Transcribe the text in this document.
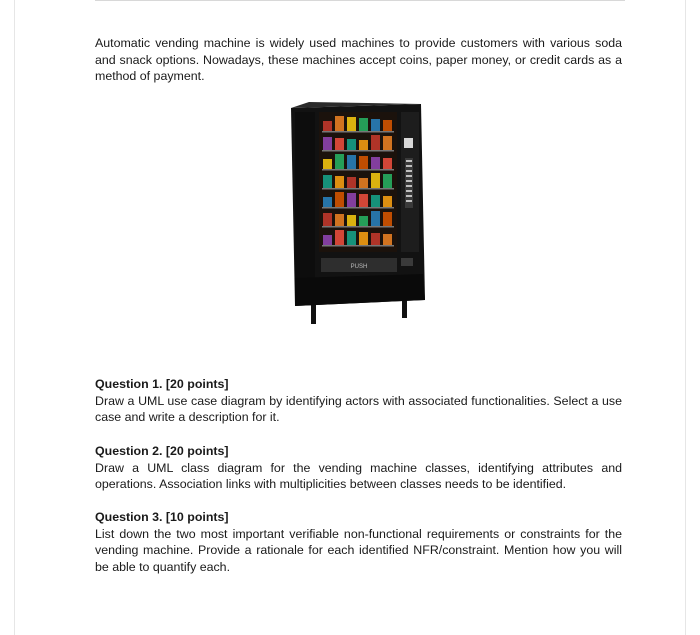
Automatic vending machine is widely used machines to provide customers with various soda and snack options. Nowadays, these machines accept coins, paper money, or credit cards as a method of payment.

PUSH
Question 1. [20 points]
Draw a UML use case diagram by identifying actors with associated functionalities. Select a use case and write a description for it.
Question 2. [20 points]
Draw a UML class diagram for the vending machine classes, identifying attributes and operations. Association links with multiplicities between classes needs to be identified.
Question 3. [10 points]
List down the two most important verifiable non-functional requirements or constraints for the vending machine. Provide a rationale for each identified NFR/constraint. Mention how you will be able to quantify each.
